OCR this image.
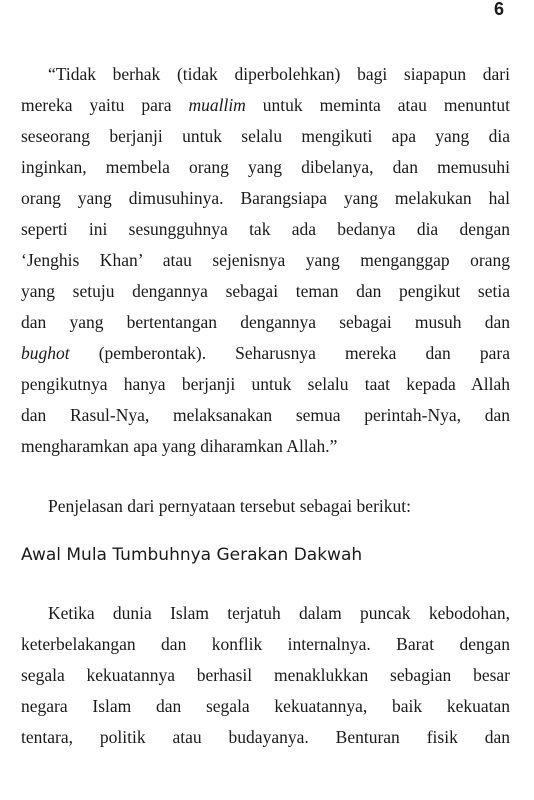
6
“Tidak berhak (tidak diperbolehkan) bagi siapapun dari
mereka yaitu para muallim untuk meminta atau menuntut
seseorang berjanji untuk selalu mengikuti apa yang dia
inginkan, membela orang yang dibelanya, dan memusuhi
orang yang dimusuhinya. Barangsiapa yang melakukan hal
seperti ini sesungguhnya tak ada bedanya dia dengan
‘Jenghis Khan’ atau sejenisnya yang menganggap orang
yang setuju dengannya sebagai teman dan pengikut setia
dan yang bertentangan dengannya sebagai musuh dan
bughot (pemberontak). Seharusnya mereka dan para
pengikutnya hanya berjanji untuk selalu taat kepada Allah
dan Rasul-Nya, melaksanakan semua perintah-Nya, dan
mengharamkan apa yang diharamkan Allah.”
Penjelasan dari pernyataan tersebut sebagai berikut:
Awal Mula Tumbuhnya Gerakan Dakwah
Ketika dunia Islam terjatuh dalam puncak kebodohan,
keterbelakangan dan konflik internalnya. Barat dengan
segala kekuatannya berhasil menaklukkan sebagian besar
negara Islam dan segala kekuatannya, baik kekuatan
tentara, politik atau budayanya. Benturan fisik dan
